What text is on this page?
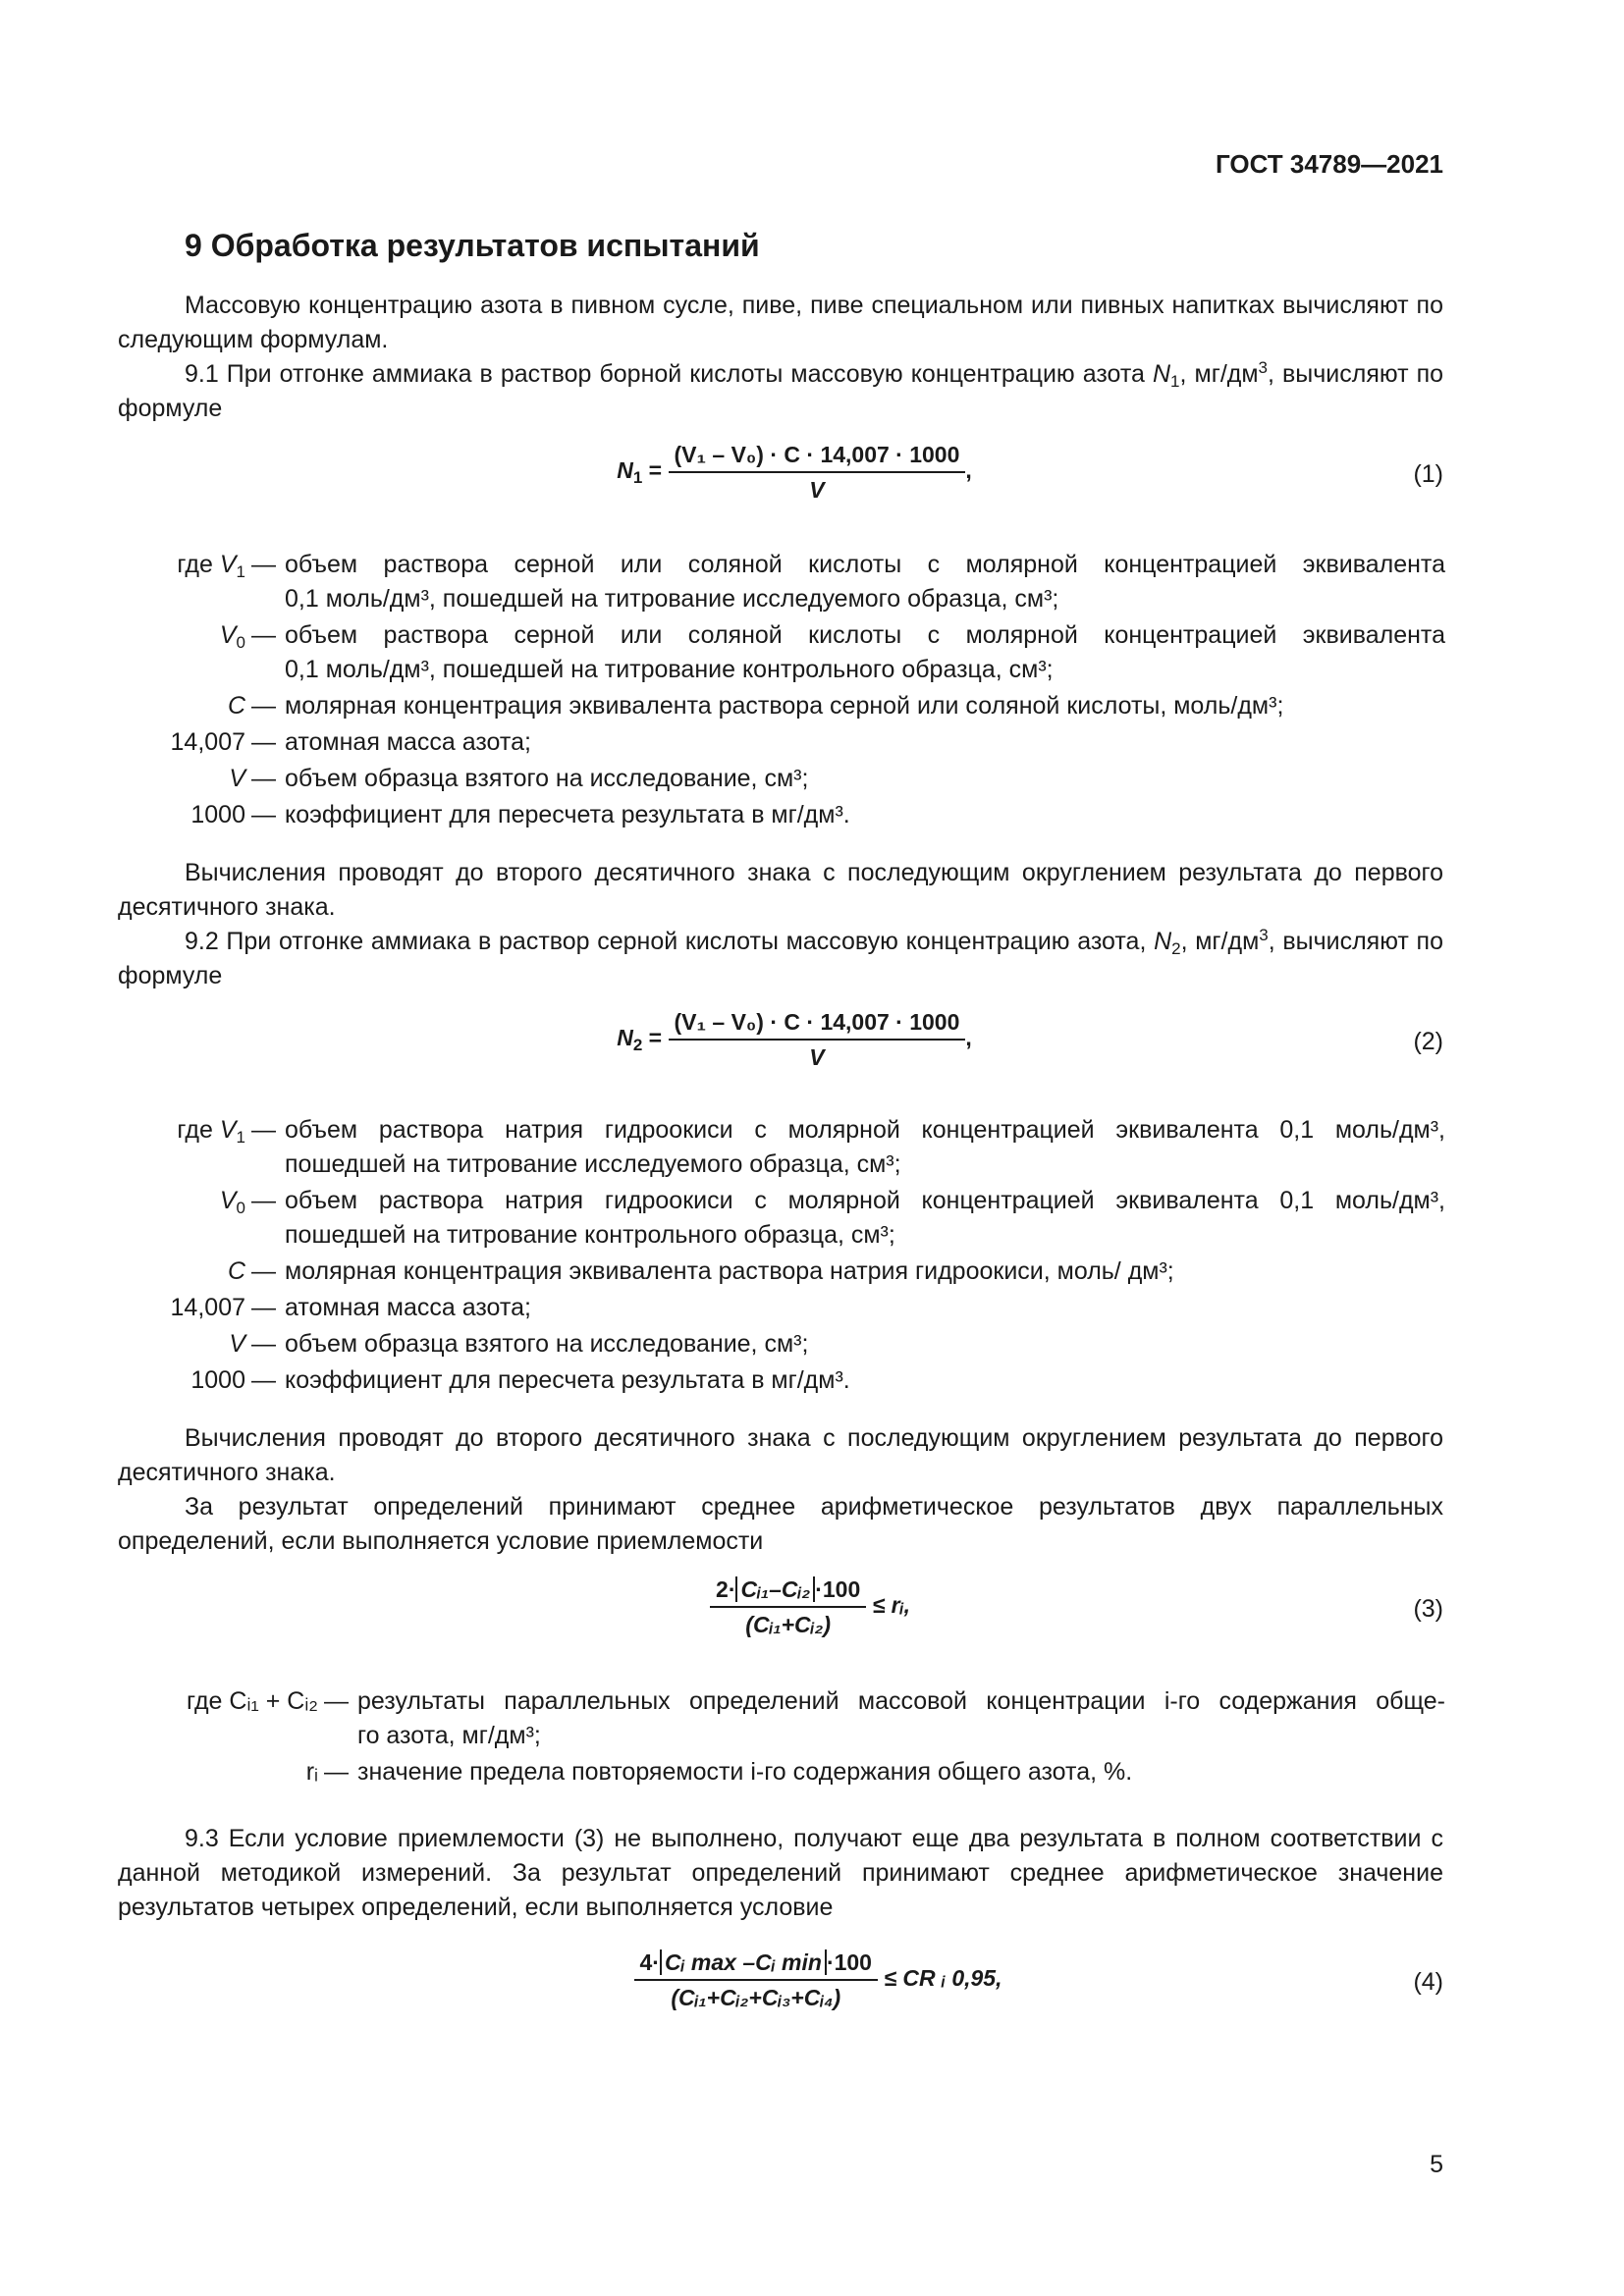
ГОСТ 34789—2021
9 Обработка результатов испытаний
Массовую концентрацию азота в пивном сусле, пиве, пиве специальном или пивных напитках вычисляют по следующим формулам.
9.1 При отгонке аммиака в раствор борной кислоты массовую концентрацию азота $N_1$, $мг/дм^3$, вычисляют по формуле
$N_1 = \frac{\text{(V₁ – V₀) · C · 14,007 · 1000}}{V}$ ,	(1)
где $V_1$ — объем раствора серной или соляной кислоты с молярной концентрацией эквивалента
0,1 моль/дм³, пошедшей на титрование исследуемого образца, см³;
$V_0$ — объем раствора серной или соляной кислоты с молярной концентрацией эквивалента
0,1 моль/дм³, пошедшей на титрование контрольного образца, см³;
C — молярная концентрация эквивалента раствора серной или соляной кислоты, моль/дм³;
14,007 — атомная масса азота;
V — объем образца взятого на исследование, см³;
1000 — коэффициент для пересчета результата в мг/дм³.
Вычисления проводят до второго десятичного знака с последующим округлением результата до первого десятичного знака.
9.2 При отгонке аммиака в раствор серной кислоты массовую концентрацию азота, $N_2$, $мг/дм^3$, вычисляют по формуле
$N_2 = \frac{\text{(V₁ – V₀) · C · 14,007 · 1000}}{V}$ ,	(2)
где $V_1$ — объем раствора натрия гидроокиси с молярной концентрацией эквивалента 0,1 моль/дм³,
пошедшей на титрование исследуемого образца, см³;
$V_0$ — объем раствора натрия гидроокиси с молярной концентрацией эквивалента 0,1 моль/дм³,
пошедшей на титрование контрольного образца, см³;
C — молярная концентрация эквивалента раствора натрия гидроокиси, моль/ дм³;
14,007 — атомная масса азота;
V — объем образца взятого на исследование, см³;
1000 — коэффициент для пересчета результата в мг/дм³.
Вычисления проводят до второго десятичного знака с последующим округлением результата до первого десятичного знака.
За результат определений принимают среднее арифметическое результатов двух параллельных определений, если выполняется условие приемлемости
$\frac{\text{2· Cᵢ₁–Cᵢ₂ ·100}}{\text{(Cᵢ₁+Cᵢ₂)}}$ ≤ rᵢ,	(3)
где Cᵢ₁ + Cᵢ₂ — результаты параллельных определений массовой концентрации i-го содержания обще-
го азота, мг/дм³;
rᵢ — значение предела повторяемости i-го содержания общего азота, %.
9.3 Если условие приемлемости (3) не выполнено, получают еще два результата в полном соответствии с данной методикой измерений. За результат определений принимают среднее арифметическое значение результатов четырех определений, если выполняется условие
$\frac{\text{4· Cᵢ max –Cᵢ min ·100}}{\text{(Cᵢ₁+Cᵢ₂+Cᵢ₃+Cᵢ₄)}}$ ≤ CR ᵢ 0,95,	(4)
5
